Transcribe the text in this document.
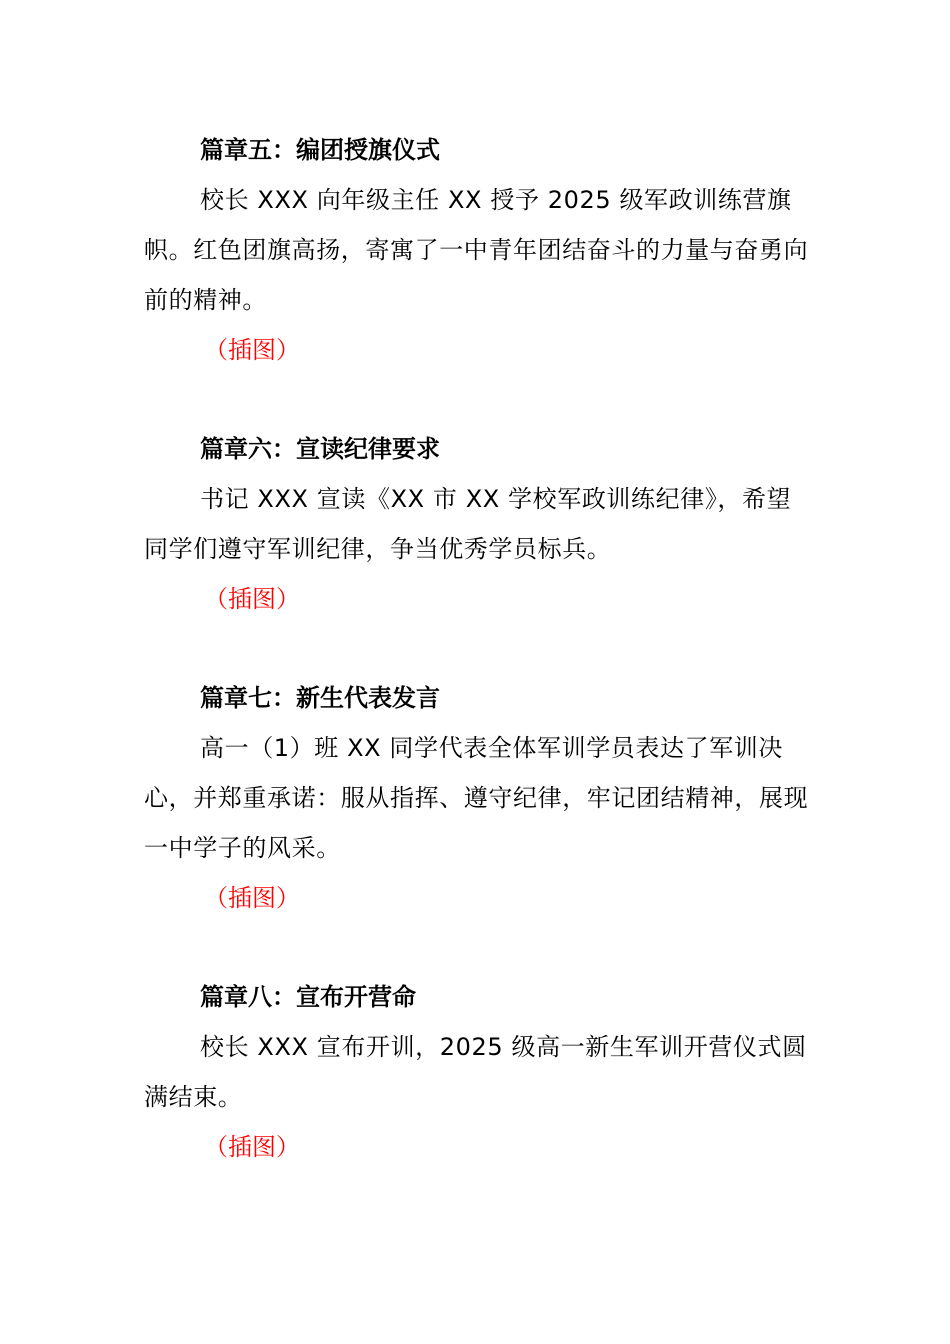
篇章五：编团授旗仪式

校长 XXX 向年级主任 XX 授予 2025 级军政训练营旗帜。红色团旗高扬，寄寓了一中青年团结奋斗的力量与奋勇向前的精神。

（插图）
篇章六：宣读纪律要求

书记 XXX 宣读《XX 市 XX 学校军政训练纪律》，希望同学们遵守军训纪律，争当优秀学员标兵。

（插图）
篇章七：新生代表发言

高一（1）班 XX 同学代表全体军训学员表达了军训决心，并郑重承诺：服从指挥、遵守纪律，牢记团结精神，展现一中学子的风采。

（插图）
篇章八：宣布开营命

校长 XXX 宣布开训，2025 级高一新生军训开营仪式圆满结束。

（插图）
